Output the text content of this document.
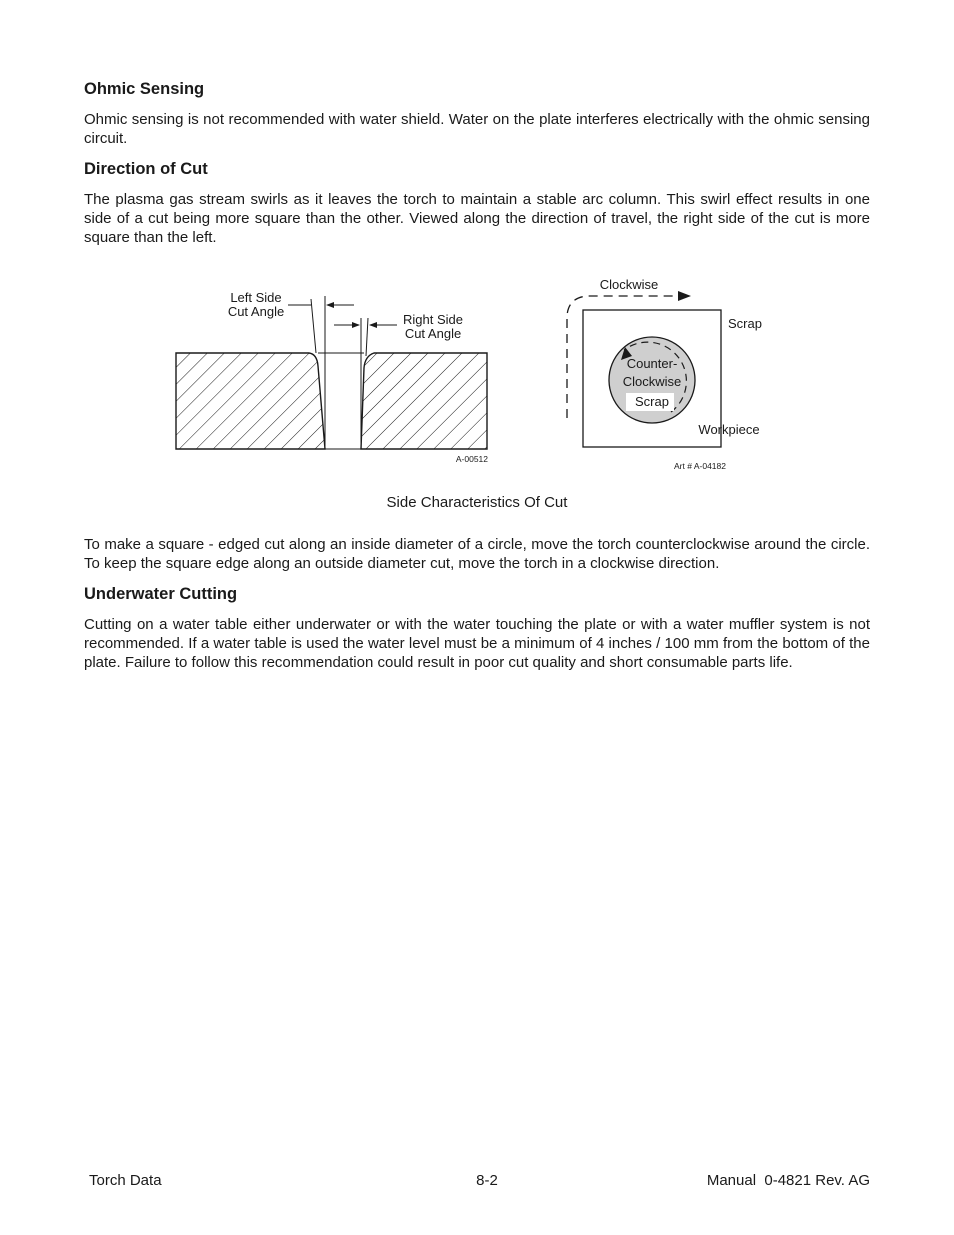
Ohmic Sensing

Ohmic sensing is not recommended with water shield. Water on the plate interferes electrically with the ohmic sensing circuit.

Direction of Cut

The plasma gas stream swirls as it leaves the torch to maintain a stable arc column. This swirl effect results in one side of a cut being more square than the other. Viewed along the direction of travel, the right side of the cut is more square than the left.

Left Side
Cut Angle
Right Side
Cut Angle
A-00512
Clockwise
Scrap
Counter-
Clockwise
Scrap
Workpiece
Art # A-04182
Side Characteristics Of Cut

To make a square - edged cut along an inside diameter of a circle, move the torch counterclockwise around the circle. To keep the square edge along an outside diameter cut, move the torch in a clockwise direction.

Underwater Cutting

Cutting on a water table either underwater or with the water touching the plate or with a water muffler system is not recommended. If a water table is used the water level must be a minimum of 4 inches / 100 mm from the bottom of the plate. Failure to follow this recommendation could result in poor cut quality and short consumable parts life.

Torch Data	8-2	Manual  0-4821 Rev. AG
